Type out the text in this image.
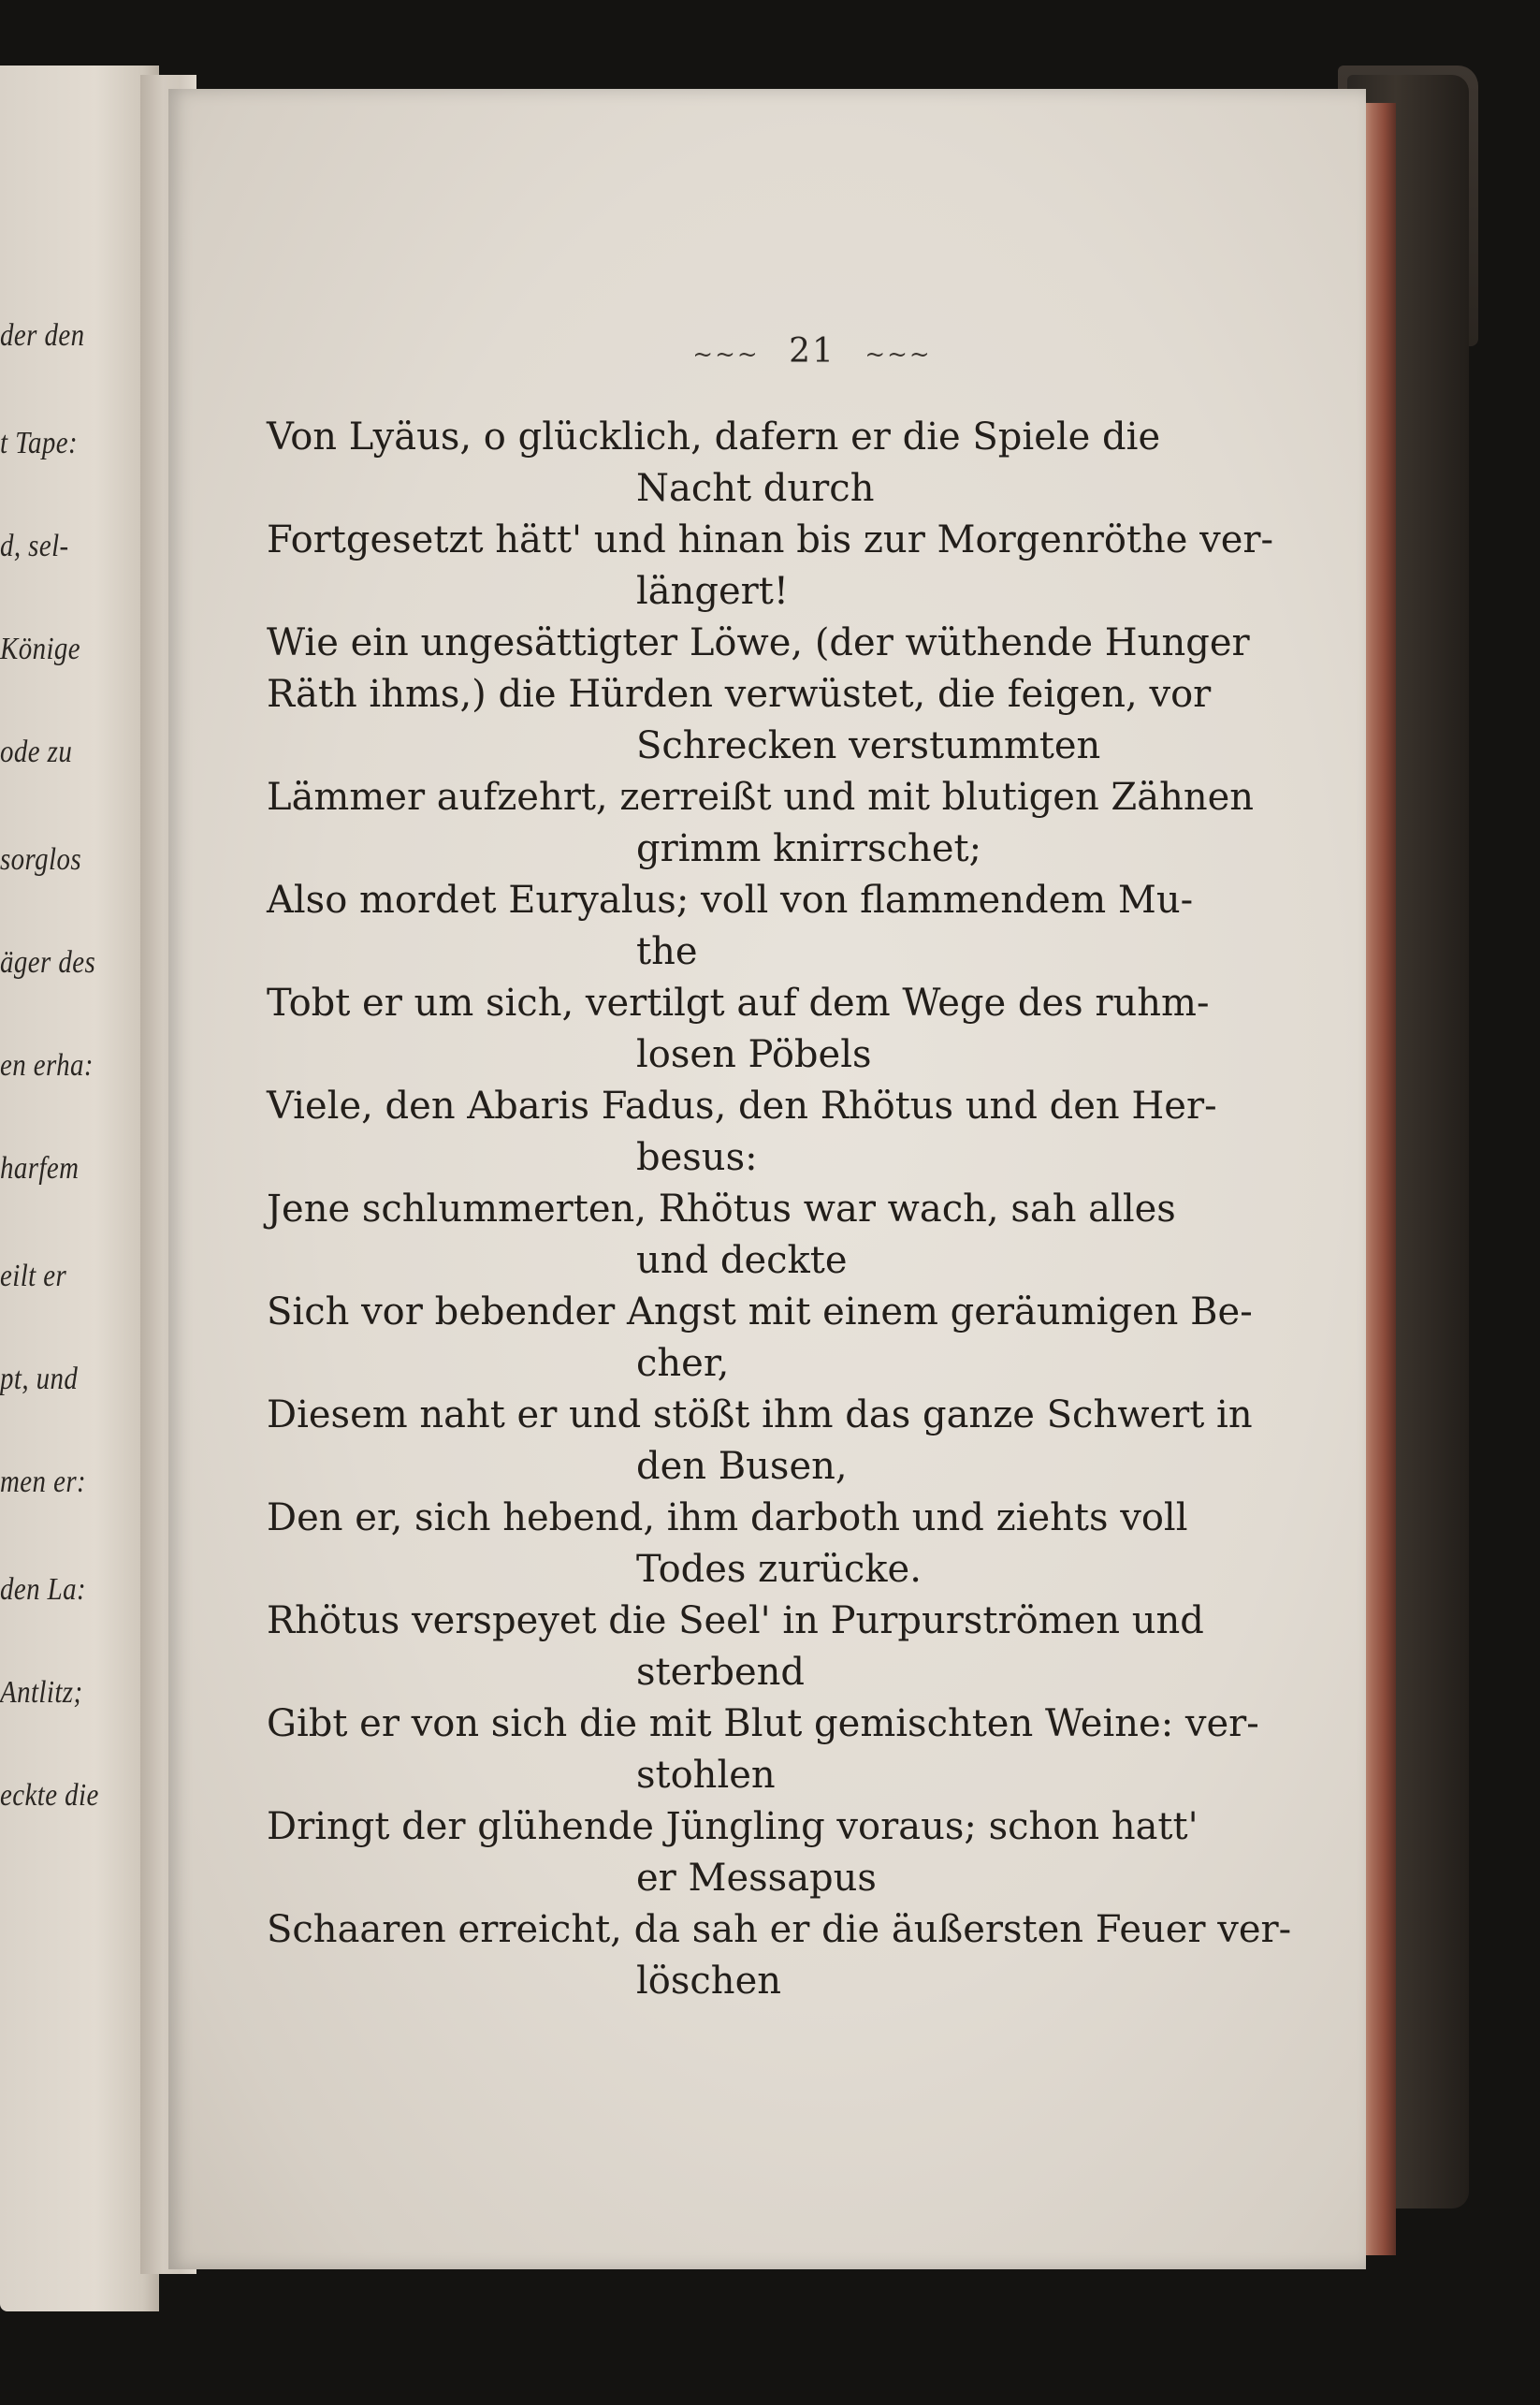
der den
t Tape:
d, sel-
Könige
ode zu
sorglos
äger des
en erha:
harfem
eilt er
pt, und
men er:
den La:
Antlitz;
eckte die
~~~ 21 ~~~
Von Lyäus, o glücklich, dafern er die Spiele die
Nacht durch
Fortgesetzt hätt' und hinan bis zur Morgenröthe ver-
längert!
Wie ein ungesättigter Löwe, (der wüthende Hunger
Räth ihms,) die Hürden verwüstet, die feigen, vor
Schrecken verstummten
Lämmer aufzehrt, zerreißt und mit blutigen Zähnen
grimm knirrschet;
Also mordet Euryalus; voll von flammendem Mu-
the
Tobt er um sich, vertilgt auf dem Wege des ruhm-
losen Pöbels
Viele, den Abaris Fadus, den Rhötus und den Her-
besus:
Jene schlummerten, Rhötus war wach, sah alles
und deckte
Sich vor bebender Angst mit einem geräumigen Be-
cher,
Diesem naht er und stößt ihm das ganze Schwert in
den Busen,
Den er, sich hebend, ihm darboth und ziehts voll
Todes zurücke.
Rhötus verspeyet die Seel' in Purpurströmen und
sterbend
Gibt er von sich die mit Blut gemischten Weine: ver-
stohlen
Dringt der glühende Jüngling voraus; schon hatt'
er Messapus
Schaaren erreicht, da sah er die äußersten Feuer ver-
löschen
